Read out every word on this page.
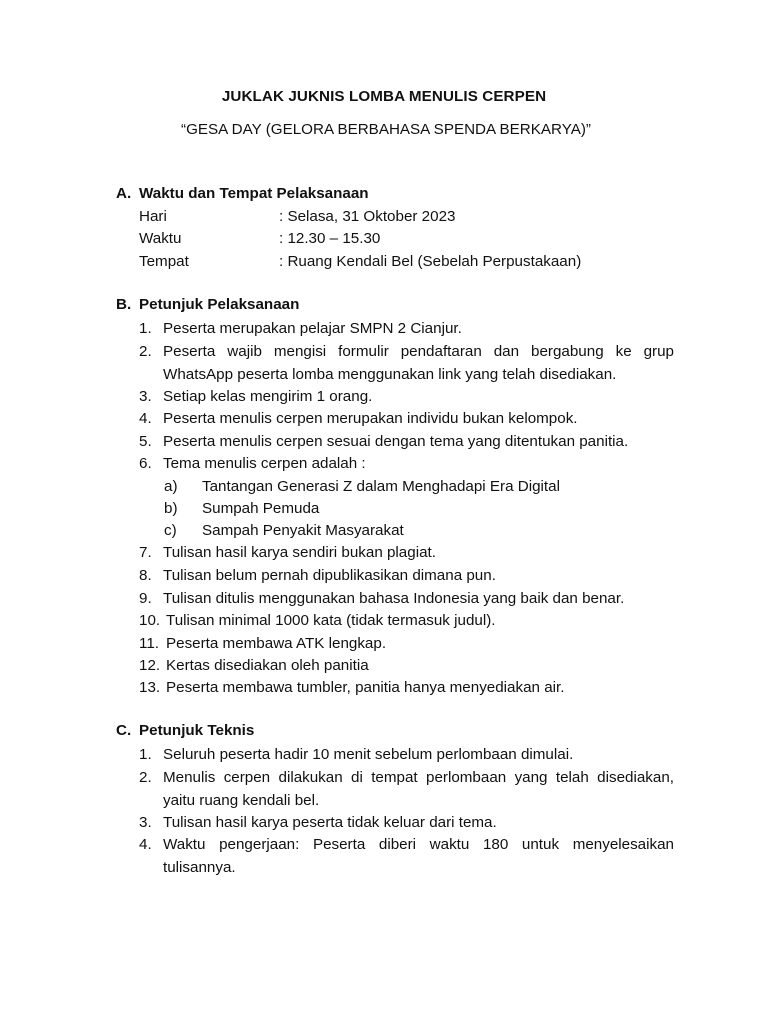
JUKLAK JUKNIS LOMBA MENULIS CERPEN
“GESA DAY (GELORA BERBAHASA SPENDA BERKARYA)”
A. Waktu dan Tempat Pelaksanaan
Hari	: Selasa, 31 Oktober 2023
Waktu	: 12.30 – 15.30
Tempat	: Ruang Kendali Bel (Sebelah Perpustakaan)
B. Petunjuk Pelaksanaan
1. Peserta merupakan pelajar SMPN 2 Cianjur.
2. Peserta wajib mengisi formulir pendaftaran dan bergabung ke grup WhatsApp peserta lomba menggunakan link yang telah disediakan.
3. Setiap kelas mengirim 1 orang.
4. Peserta menulis cerpen merupakan individu bukan kelompok.
5. Peserta menulis cerpen sesuai dengan tema yang ditentukan panitia.
6. Tema menulis cerpen adalah :
a) Tantangan Generasi Z dalam Menghadapi Era Digital
b) Sumpah Pemuda
c) Sampah Penyakit Masyarakat
7. Tulisan hasil karya sendiri bukan plagiat.
8. Tulisan belum pernah dipublikasikan dimana pun.
9. Tulisan ditulis menggunakan bahasa Indonesia yang baik dan benar.
10. Tulisan minimal 1000 kata (tidak termasuk judul).
11. Peserta membawa ATK lengkap.
12. Kertas disediakan oleh panitia
13. Peserta membawa tumbler, panitia hanya menyediakan air.
C. Petunjuk Teknis
1. Seluruh peserta hadir 10 menit sebelum perlombaan dimulai.
2. Menulis cerpen dilakukan di tempat perlombaan yang telah disediakan, yaitu ruang kendali bel.
3. Tulisan hasil karya peserta tidak keluar dari tema.
4. Waktu pengerjaan: Peserta diberi waktu 180 untuk menyelesaikan tulisannya.
